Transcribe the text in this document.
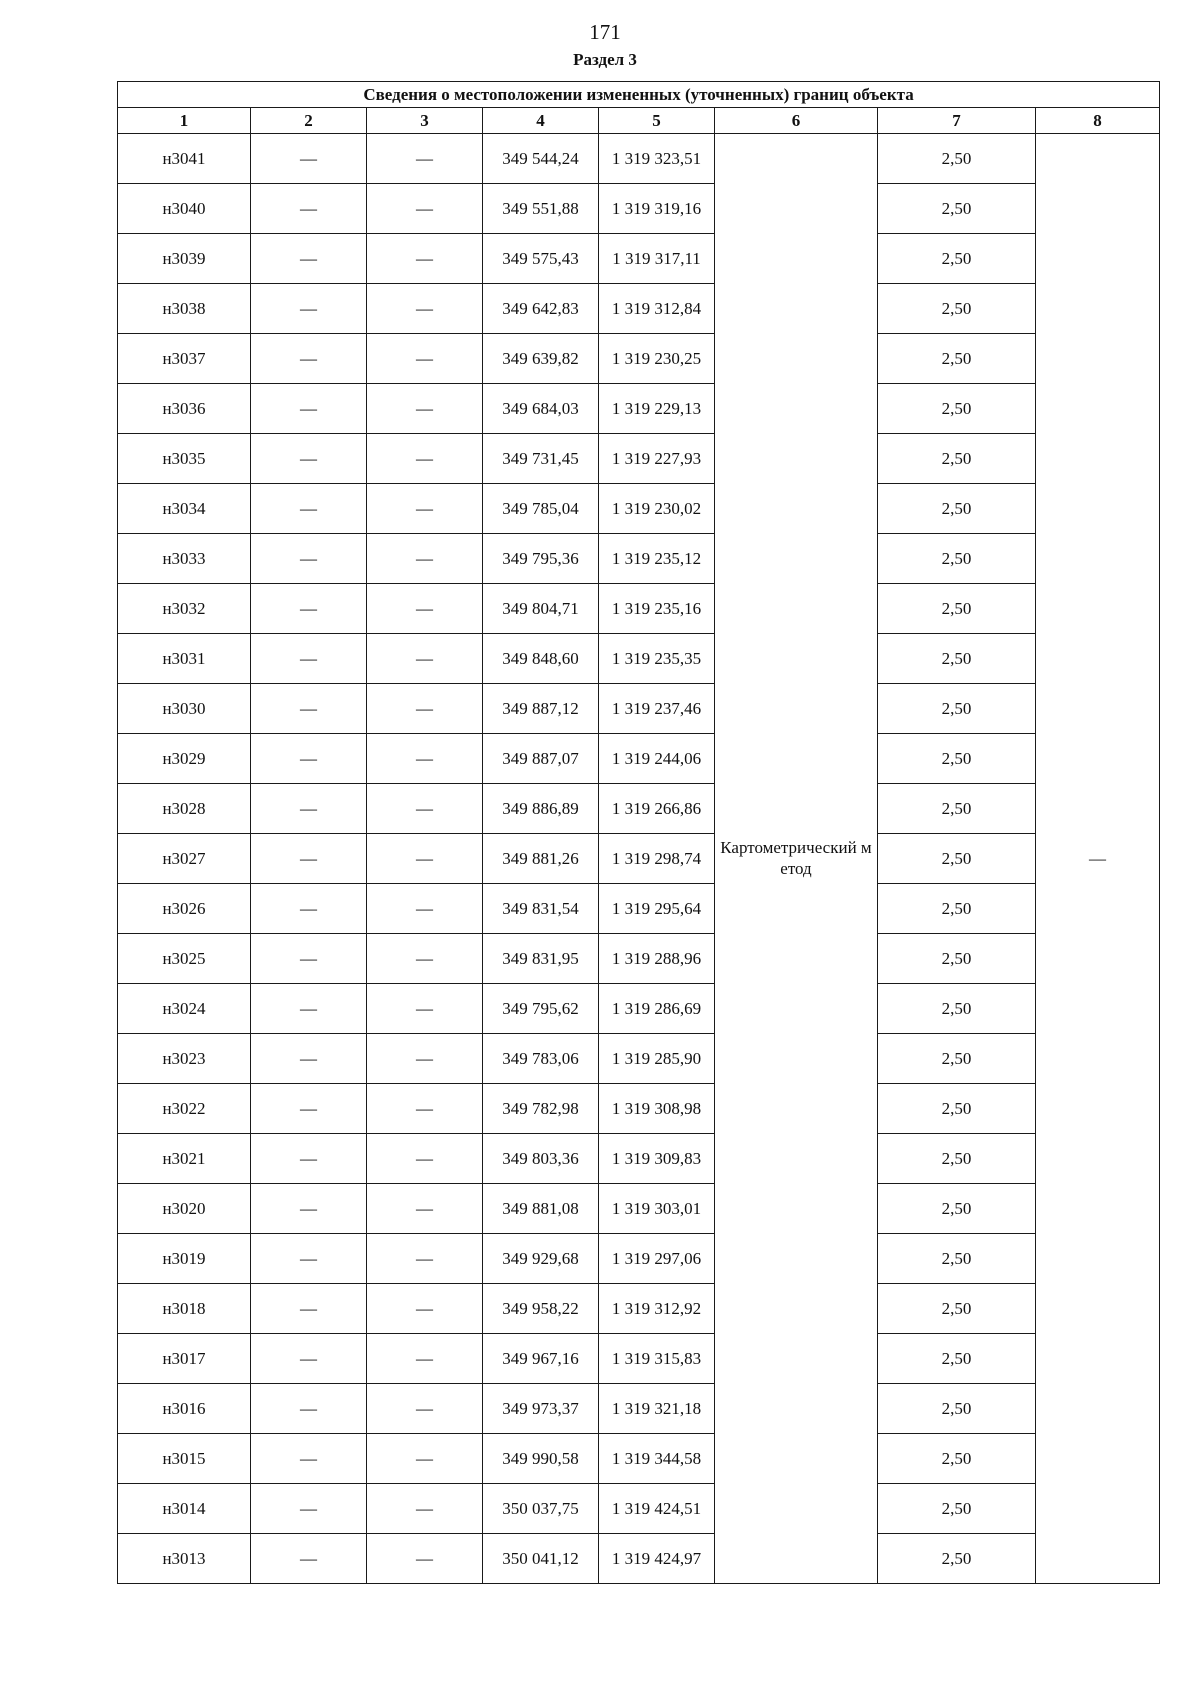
171
Раздел 3
Сведения о местоположении измененных (уточненных) границ объекта							
1	2	3	4	5	6	7	8
н3041	—	—	349 544,24	1 319 323,51	Картометрический метод	2,50	—
н3040	—	—	349 551,88	1 319 319,16		2,50	
н3039	—	—	349 575,43	1 319 317,11		2,50	
н3038	—	—	349 642,83	1 319 312,84		2,50	
н3037	—	—	349 639,82	1 319 230,25		2,50	
н3036	—	—	349 684,03	1 319 229,13		2,50	
н3035	—	—	349 731,45	1 319 227,93		2,50	
н3034	—	—	349 785,04	1 319 230,02		2,50	
н3033	—	—	349 795,36	1 319 235,12		2,50	
н3032	—	—	349 804,71	1 319 235,16		2,50	
н3031	—	—	349 848,60	1 319 235,35		2,50	
н3030	—	—	349 887,12	1 319 237,46		2,50	
н3029	—	—	349 887,07	1 319 244,06		2,50	
н3028	—	—	349 886,89	1 319 266,86		2,50	
н3027	—	—	349 881,26	1 319 298,74		2,50	
н3026	—	—	349 831,54	1 319 295,64		2,50	
н3025	—	—	349 831,95	1 319 288,96		2,50	
н3024	—	—	349 795,62	1 319 286,69		2,50	
н3023	—	—	349 783,06	1 319 285,90		2,50	
н3022	—	—	349 782,98	1 319 308,98		2,50	
н3021	—	—	349 803,36	1 319 309,83		2,50	
н3020	—	—	349 881,08	1 319 303,01		2,50	
н3019	—	—	349 929,68	1 319 297,06		2,50	
н3018	—	—	349 958,22	1 319 312,92		2,50	
н3017	—	—	349 967,16	1 319 315,83		2,50	
н3016	—	—	349 973,37	1 319 321,18		2,50	
н3015	—	—	349 990,58	1 319 344,58		2,50	
н3014	—	—	350 037,75	1 319 424,51		2,50	
н3013	—	—	350 041,12	1 319 424,97		2,50	
